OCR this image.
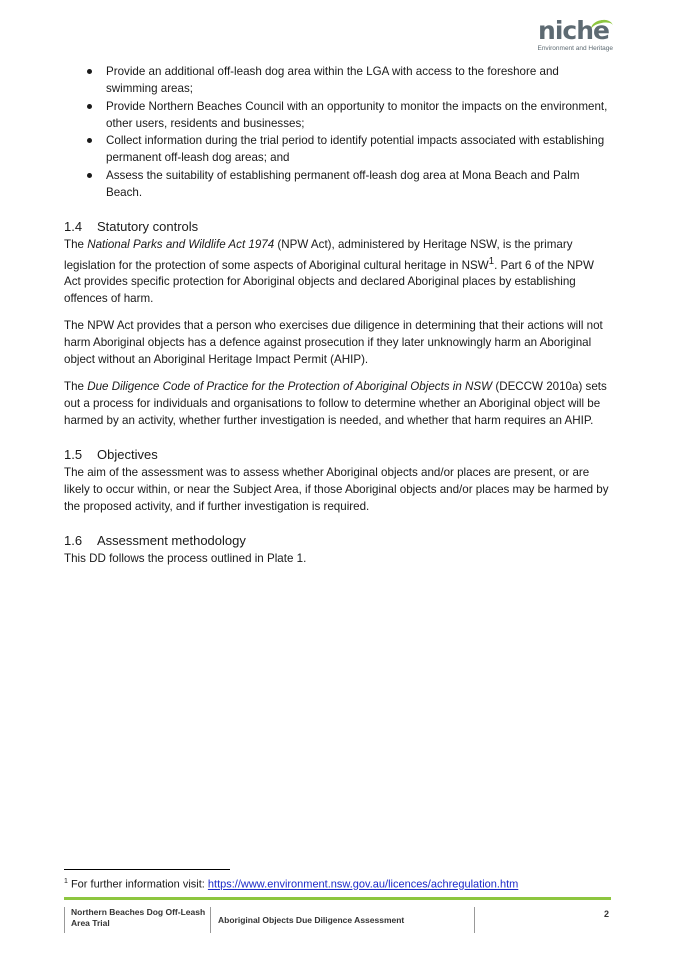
niche
Environment and Heritage
Provide an additional off-leash dog area within the LGA with access to the foreshore and swimming areas;
Provide Northern Beaches Council with an opportunity to monitor the impacts on the environment, other users, residents and businesses;
Collect information during the trial period to identify potential impacts associated with establishing permanent off-leash dog areas; and
Assess the suitability of establishing permanent off-leash dog area at Mona Beach and Palm Beach.
1.4 Statutory controls

The National Parks and Wildlife Act 1974 (NPW Act), administered by Heritage NSW, is the primary legislation for the protection of some aspects of Aboriginal cultural heritage in NSW$^1$. Part 6 of the NPW Act provides specific protection for Aboriginal objects and declared Aboriginal places by establishing offences of harm.

The NPW Act provides that a person who exercises due diligence in determining that their actions will not harm Aboriginal objects has a defence against prosecution if they later unknowingly harm an Aboriginal object without an Aboriginal Heritage Impact Permit (AHIP).

The Due Diligence Code of Practice for the Protection of Aboriginal Objects in NSW (DECCW 2010a) sets out a process for individuals and organisations to follow to determine whether an Aboriginal object will be harmed by an activity, whether further investigation is needed, and whether that harm requires an AHIP.

1.5 Objectives

The aim of the assessment was to assess whether Aboriginal objects and/or places are present, or are likely to occur within, or near the Subject Area, if those Aboriginal objects and/or places may be harmed by the proposed activity, and if further investigation is required.

1.6 Assessment methodology

This DD follows the process outlined in Plate 1.

$^1$ For further information visit: https://www.environment.nsw.gov.au/licences/achregulation.htm
Northern Beaches Dog Off-Leash Area Trial	Aboriginal Objects Due Diligence Assessment
2
